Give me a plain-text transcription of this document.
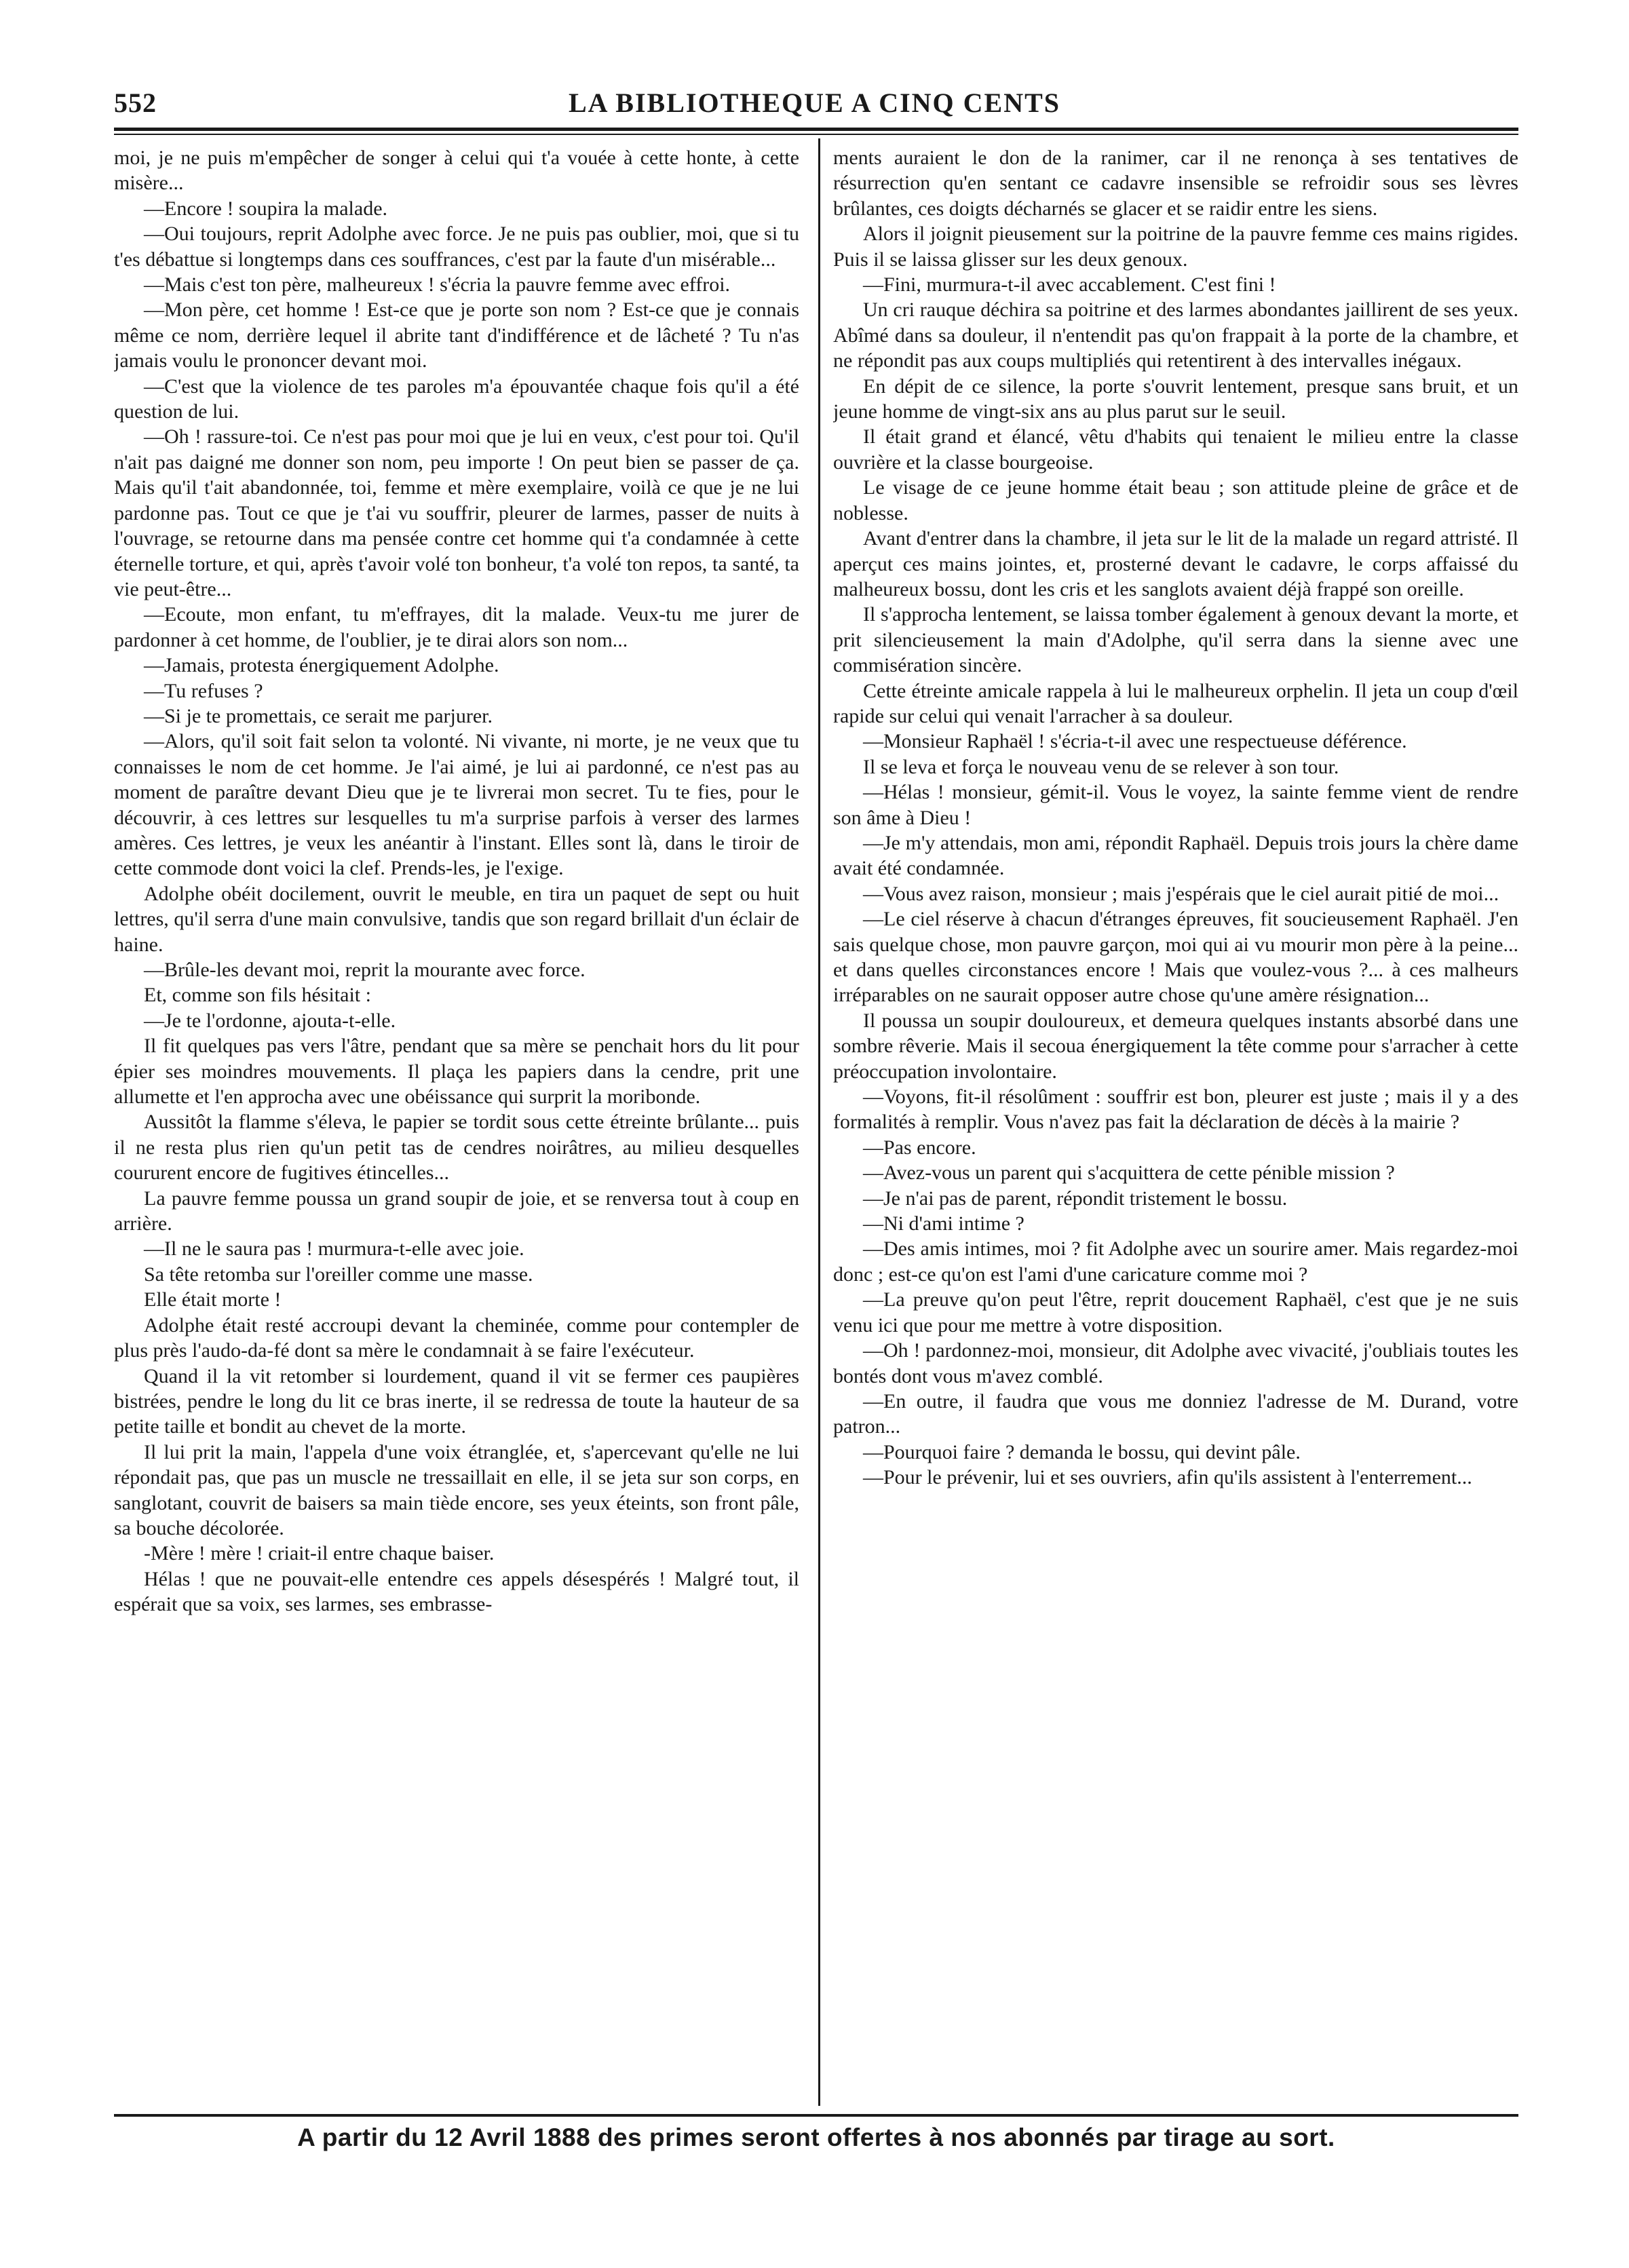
552	LA BIBLIOTHEQUE A CINQ CENTS

moi, je ne puis m'empêcher de songer à celui qui t'a vouée à cette honte, à cette misère...

—Encore ! soupira la malade.

—Oui toujours, reprit Adolphe avec force. Je ne puis pas oublier, moi, que si tu t'es débattue si longtemps dans ces souffrances, c'est par la faute d'un misérable...

—Mais c'est ton père, malheureux ! s'écria la pauvre femme avec effroi.

—Mon père, cet homme ! Est-ce que je porte son nom ? Est-ce que je connais même ce nom, derrière lequel il abrite tant d'indifférence et de lâcheté ? Tu n'as jamais voulu le prononcer devant moi.

—C'est que la violence de tes paroles m'a épouvantée chaque fois qu'il a été question de lui.

—Oh ! rassure-toi. Ce n'est pas pour moi que je lui en veux, c'est pour toi. Qu'il n'ait pas daigné me donner son nom, peu importe ! On peut bien se passer de ça. Mais qu'il t'ait abandonnée, toi, femme et mère exemplaire, voilà ce que je ne lui pardonne pas. Tout ce que je t'ai vu souffrir, pleurer de larmes, passer de nuits à l'ouvrage, se retourne dans ma pensée contre cet homme qui t'a condamnée à cette éternelle torture, et qui, après t'avoir volé ton bonheur, t'a volé ton repos, ta santé, ta vie peut-être...

—Ecoute, mon enfant, tu m'effrayes, dit la malade. Veux-tu me jurer de pardonner à cet homme, de l'oublier, je te dirai alors son nom...

—Jamais, protesta énergiquement Adolphe.

—Tu refuses ?

—Si je te promettais, ce serait me parjurer.

—Alors, qu'il soit fait selon ta volonté. Ni vivante, ni morte, je ne veux que tu connaisses le nom de cet homme. Je l'ai aimé, je lui ai pardonné, ce n'est pas au moment de paraître devant Dieu que je te livrerai mon secret. Tu te fies, pour le découvrir, à ces lettres sur lesquelles tu m'a surprise parfois à verser des larmes amères. Ces lettres, je veux les anéantir à l'instant. Elles sont là, dans le tiroir de cette commode dont voici la clef. Prends-les, je l'exige.

Adolphe obéit docilement, ouvrit le meuble, en tira un paquet de sept ou huit lettres, qu'il serra d'une main convulsive, tandis que son regard brillait d'un éclair de haine.

—Brûle-les devant moi, reprit la mourante avec force.

Et, comme son fils hésitait :

—Je te l'ordonne, ajouta-t-elle.

Il fit quelques pas vers l'âtre, pendant que sa mère se penchait hors du lit pour épier ses moindres mouvements. Il plaça les papiers dans la cendre, prit une allumette et l'en approcha avec une obéissance qui surprit la moribonde.

Aussitôt la flamme s'éleva, le papier se tordit sous cette étreinte brûlante... puis il ne resta plus rien qu'un petit tas de cendres noirâtres, au milieu desquelles coururent encore de fugitives étincelles...

La pauvre femme poussa un grand soupir de joie, et se renversa tout à coup en arrière.

—Il ne le saura pas ! murmura-t-elle avec joie.

Sa tête retomba sur l'oreiller comme une masse.

Elle était morte !

Adolphe était resté accroupi devant la cheminée, comme pour contempler de plus près l'audo-da-fé dont sa mère le condamnait à se faire l'exécuteur.

Quand il la vit retomber si lourdement, quand il vit se fermer ces paupières bistrées, pendre le long du lit ce bras inerte, il se redressa de toute la hauteur de sa petite taille et bondit au chevet de la morte.

Il lui prit la main, l'appela d'une voix étranglée, et, s'apercevant qu'elle ne lui répondait pas, que pas un muscle ne tressaillait en elle, il se jeta sur son corps, en sanglotant, couvrit de baisers sa main tiède encore, ses yeux éteints, son front pâle, sa bouche décolorée.

-Mère ! mère ! criait-il entre chaque baiser.

Hélas ! que ne pouvait-elle entendre ces appels désespérés ! Malgré tout, il espérait que sa voix, ses larmes, ses embrasse-

ments auraient le don de la ranimer, car il ne renonça à ses tentatives de résurrection qu'en sentant ce cadavre insensible se refroidir sous ses lèvres brûlantes, ces doigts décharnés se glacer et se raidir entre les siens.

Alors il joignit pieusement sur la poitrine de la pauvre femme ces mains rigides. Puis il se laissa glisser sur les deux genoux.

—Fini, murmura-t-il avec accablement. C'est fini !

Un cri rauque déchira sa poitrine et des larmes abondantes jaillirent de ses yeux. Abîmé dans sa douleur, il n'entendit pas qu'on frappait à la porte de la chambre, et ne répondit pas aux coups multipliés qui retentirent à des intervalles inégaux.

En dépit de ce silence, la porte s'ouvrit lentement, presque sans bruit, et un jeune homme de vingt-six ans au plus parut sur le seuil.

Il était grand et élancé, vêtu d'habits qui tenaient le milieu entre la classe ouvrière et la classe bourgeoise.

Le visage de ce jeune homme était beau ; son attitude pleine de grâce et de noblesse.

Avant d'entrer dans la chambre, il jeta sur le lit de la malade un regard attristé. Il aperçut ces mains jointes, et, prosterné devant le cadavre, le corps affaissé du malheureux bossu, dont les cris et les sanglots avaient déjà frappé son oreille.

Il s'approcha lentement, se laissa tomber également à genoux devant la morte, et prit silencieusement la main d'Adolphe, qu'il serra dans la sienne avec une commisération sincère.

Cette étreinte amicale rappela à lui le malheureux orphelin. Il jeta un coup d'œil rapide sur celui qui venait l'arracher à sa douleur.

—Monsieur Raphaël ! s'écria-t-il avec une respectueuse déférence.

Il se leva et força le nouveau venu de se relever à son tour.

—Hélas ! monsieur, gémit-il. Vous le voyez, la sainte femme vient de rendre son âme à Dieu !

—Je m'y attendais, mon ami, répondit Raphaël. Depuis trois jours la chère dame avait été condamnée.

—Vous avez raison, monsieur ; mais j'espérais que le ciel aurait pitié de moi...

—Le ciel réserve à chacun d'étranges épreuves, fit soucieusement Raphaël. J'en sais quelque chose, mon pauvre garçon, moi qui ai vu mourir mon père à la peine... et dans quelles circonstances encore ! Mais que voulez-vous ?... à ces malheurs irréparables on ne saurait opposer autre chose qu'une amère résignation...

Il poussa un soupir douloureux, et demeura quelques instants absorbé dans une sombre rêverie. Mais il secoua énergiquement la tête comme pour s'arracher à cette préoccupation involontaire.

—Voyons, fit-il résolûment : souffrir est bon, pleurer est juste ; mais il y a des formalités à remplir. Vous n'avez pas fait la déclaration de décès à la mairie ?

—Pas encore.

—Avez-vous un parent qui s'acquittera de cette pénible mission ?

—Je n'ai pas de parent, répondit tristement le bossu.

—Ni d'ami intime ?

—Des amis intimes, moi ? fit Adolphe avec un sourire amer. Mais regardez-moi donc ; est-ce qu'on est l'ami d'une caricature comme moi ?

—La preuve qu'on peut l'être, reprit doucement Raphaël, c'est que je ne suis venu ici que pour me mettre à votre disposition.

—Oh ! pardonnez-moi, monsieur, dit Adolphe avec vivacité, j'oubliais toutes les bontés dont vous m'avez comblé.

—En outre, il faudra que vous me donniez l'adresse de M. Durand, votre patron...

—Pourquoi faire ? demanda le bossu, qui devint pâle.

—Pour le prévenir, lui et ses ouvriers, afin qu'ils assistent à l'enterrement...

A partir du 12 Avril 1888 des primes seront offertes à nos abonnés par tirage au sort.
